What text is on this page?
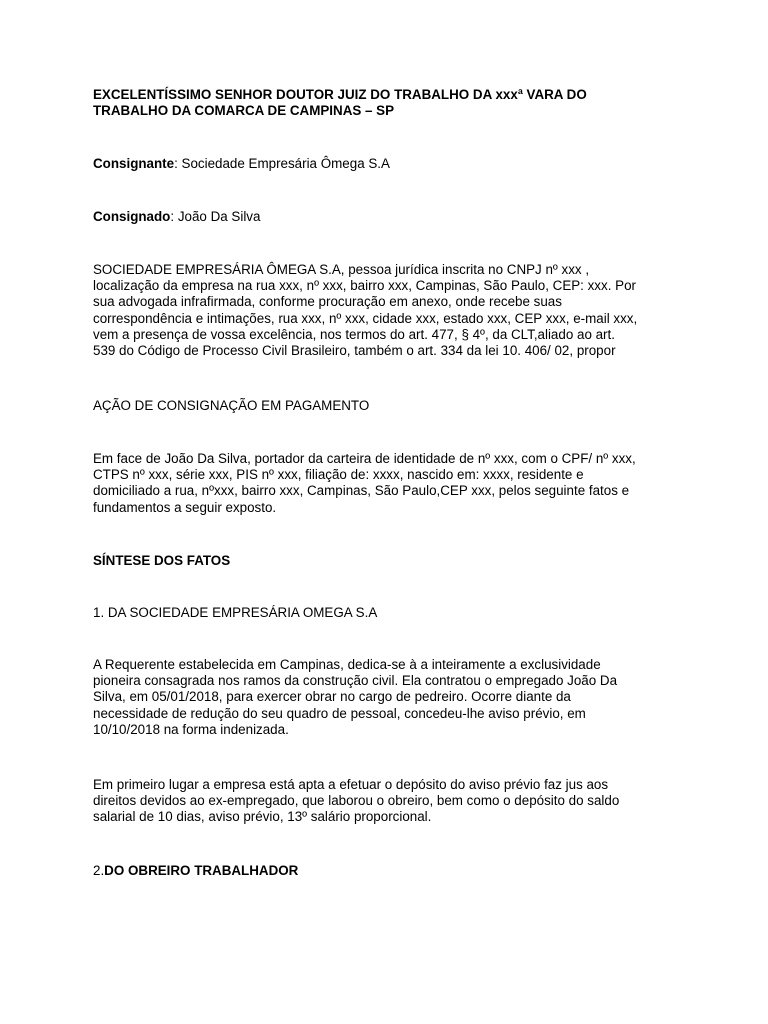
EXCELENTÍSSIMO SENHOR DOUTOR JUIZ DO TRABALHO DA xxxª VARA DO
TRABALHO DA COMARCA DE CAMPINAS – SP
Consignante: Sociedade Empresária Ômega S.A
Consignado: João Da Silva
SOCIEDADE EMPRESÁRIA ÔMEGA S.A, pessoa jurídica inscrita no CNPJ nº xxx ,
localização da empresa na rua xxx, nº xxx, bairro xxx, Campinas, São Paulo, CEP: xxx. Por
sua advogada infrafirmada, conforme procuração em anexo, onde recebe suas
correspondência e intimações, rua xxx, nº xxx, cidade xxx, estado xxx, CEP xxx, e-mail xxx,
vem a presença de vossa excelência, nos termos do art. 477, § 4º, da CLT,aliado ao art.
539 do Código de Processo Civil Brasileiro, também o art. 334 da lei 10. 406/ 02, propor
AÇÃO DE CONSIGNAÇÃO EM PAGAMENTO
Em face de João Da Silva, portador da carteira de identidade de nº xxx, com o CPF/ nº xxx,
CTPS nº xxx, série xxx, PIS nº xxx, filiação de: xxxx, nascido em: xxxx, residente e
domiciliado a rua, nºxxx, bairro xxx, Campinas, São Paulo,CEP xxx, pelos seguinte fatos e
fundamentos a seguir exposto.
SÍNTESE DOS FATOS
1. DA SOCIEDADE EMPRESÁRIA OMEGA S.A
A Requerente estabelecida em Campinas, dedica-se à a inteiramente a exclusividade
pioneira consagrada nos ramos da construção civil. Ela contratou o empregado João Da
Silva, em 05/01/2018, para exercer obrar no cargo de pedreiro. Ocorre diante da
necessidade de redução do seu quadro de pessoal, concedeu-lhe aviso prévio, em
10/10/2018 na forma indenizada.
Em primeiro lugar a empresa está apta a efetuar o depósito do aviso prévio faz jus aos
direitos devidos ao ex-empregado, que laborou o obreiro, bem como o depósito do saldo
salarial de 10 dias, aviso prévio, 13º salário proporcional.
2.DO OBREIRO TRABALHADOR
